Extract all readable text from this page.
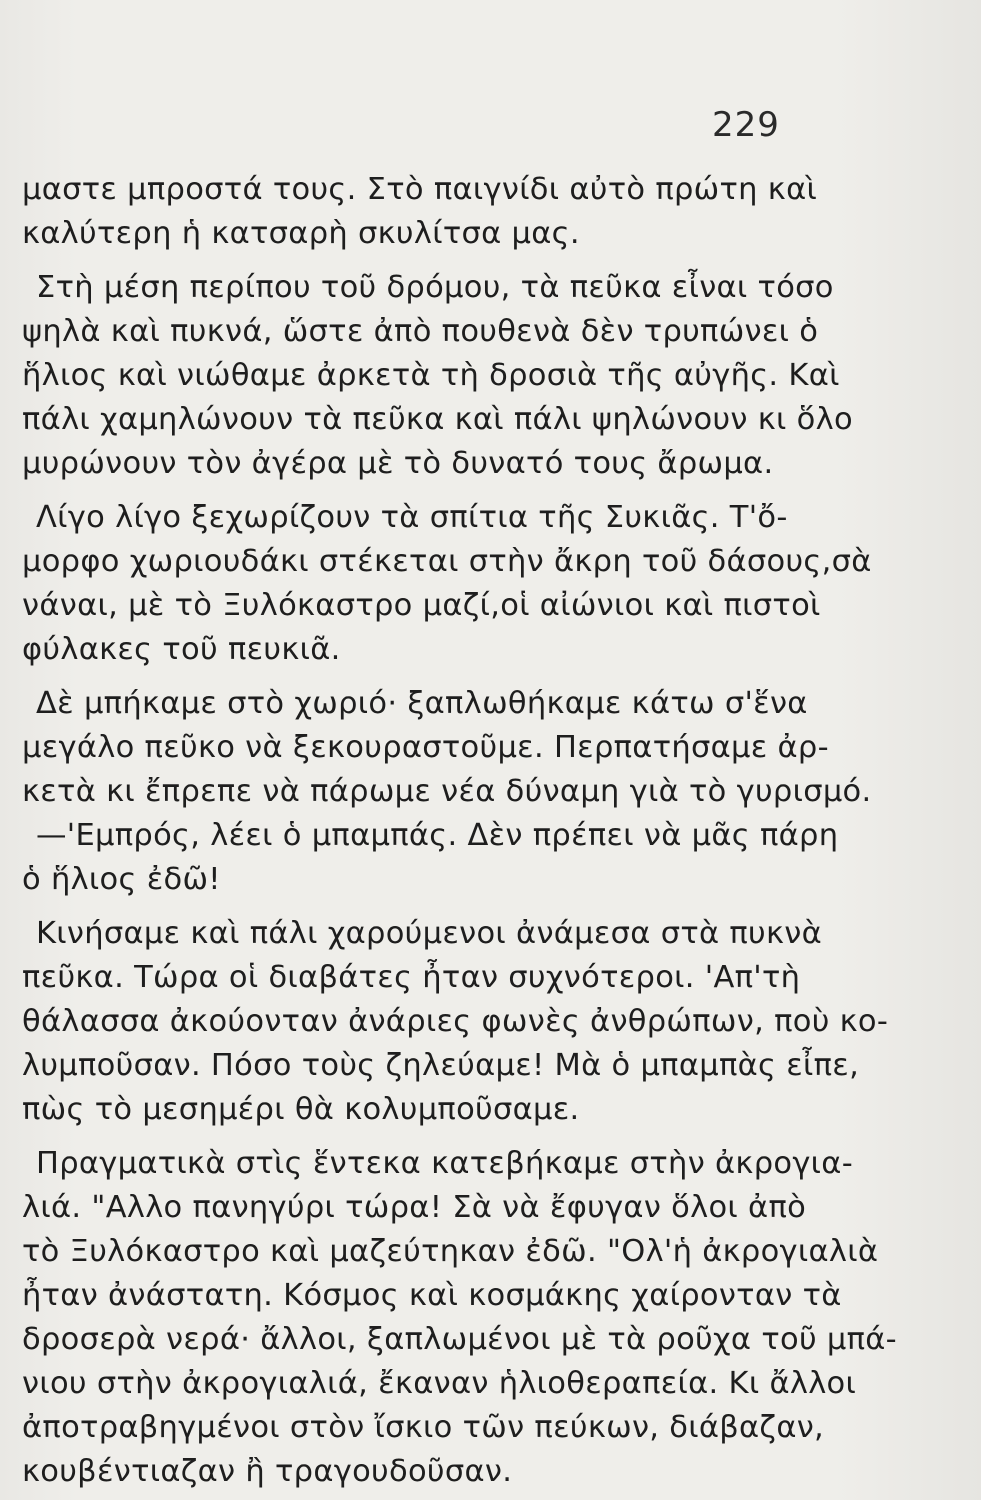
229
μαστε μπροστά τους. Στὸ παιγνίδι αὐτὸ πρώτη καὶ
καλύτερη ἡ κατσαρὴ σκυλίτσα μας.
Στὴ μέση περίπου τοῦ δρόμου, τὰ πεῦκα εἶναι τόσο
ψηλὰ καὶ πυκνά, ὥστε ἀπὸ πουθενὰ δὲν τρυπώνει ὁ
ἥλιος καὶ νιώθαμε ἀρκετὰ τὴ δροσιὰ τῆς αὐγῆς. Καὶ
πάλι χαμηλώνουν τὰ πεῦκα καὶ πάλι ψηλώνουν κι ὅλο
μυρώνουν τὸν ἀγέρα μὲ τὸ δυνατό τους ἄρωμα.
Λίγο λίγο ξεχωρίζουν τὰ σπίτια τῆς Συκιᾶς. Τ'ὄ-
μορφο χωριουδάκι στέκεται στὴν ἄκρη τοῦ δάσους,σὰ
νάναι, μὲ τὸ Ξυλόκαστρο μαζί,οἱ αἰώνιοι καὶ πιστοὶ
φύλακες τοῦ πευκιᾶ.
Δὲ μπήκαμε στὸ χωριό· ξαπλωθήκαμε κάτω σ'ἕνα
μεγάλο πεῦκο νὰ ξεκουραστοῦμε. Περπατήσαμε ἀρ-
κετὰ κι ἔπρεπε νὰ πάρωμε νέα δύναμη γιὰ τὸ γυρισμό.
—'Εμπρός, λέει ὁ μπαμπάς. Δὲν πρέπει νὰ μᾶς πάρη
ὁ ἥλιος ἐδῶ!
Κινήσαμε καὶ πάλι χαρούμενοι ἀνάμεσα στὰ πυκνὰ
πεῦκα. Τώρα οἱ διαβάτες ἦταν συχνότεροι. 'Απ'τὴ
θάλασσα ἀκούονταν ἀνάριες φωνὲς ἀνθρώπων, ποὺ κο-
λυμποῦσαν. Πόσο τοὺς ζηλεύαμε! Μὰ ὁ μπαμπὰς εἶπε,
πὼς τὸ μεσημέρι θὰ κολυμποῦσαμε.
Πραγματικὰ στὶς ἕντεκα κατεβήκαμε στὴν ἀκρογια-
λιά. "Αλλο πανηγύρι τώρα! Σὰ νὰ ἔφυγαν ὅλοι ἀπὸ
τὸ Ξυλόκαστρο καὶ μαζεύτηκαν ἐδῶ. "Ολ'ἡ ἀκρογιαλιὰ
ἦταν ἀνάστατη. Κόσμος καὶ κοσμάκης χαίρονταν τὰ
δροσερὰ νερά· ἄλλοι, ξαπλωμένοι μὲ τὰ ροῦχα τοῦ μπά-
νιου στὴν ἀκρογιαλιά, ἔκαναν ἡλιοθεραπεία. Κι ἄλλοι
ἀποτραβηγμένοι στὸν ἴσκιο τῶν πεύκων, διάβαζαν,
κουβέντιαζαν ἢ τραγουδοῦσαν.
